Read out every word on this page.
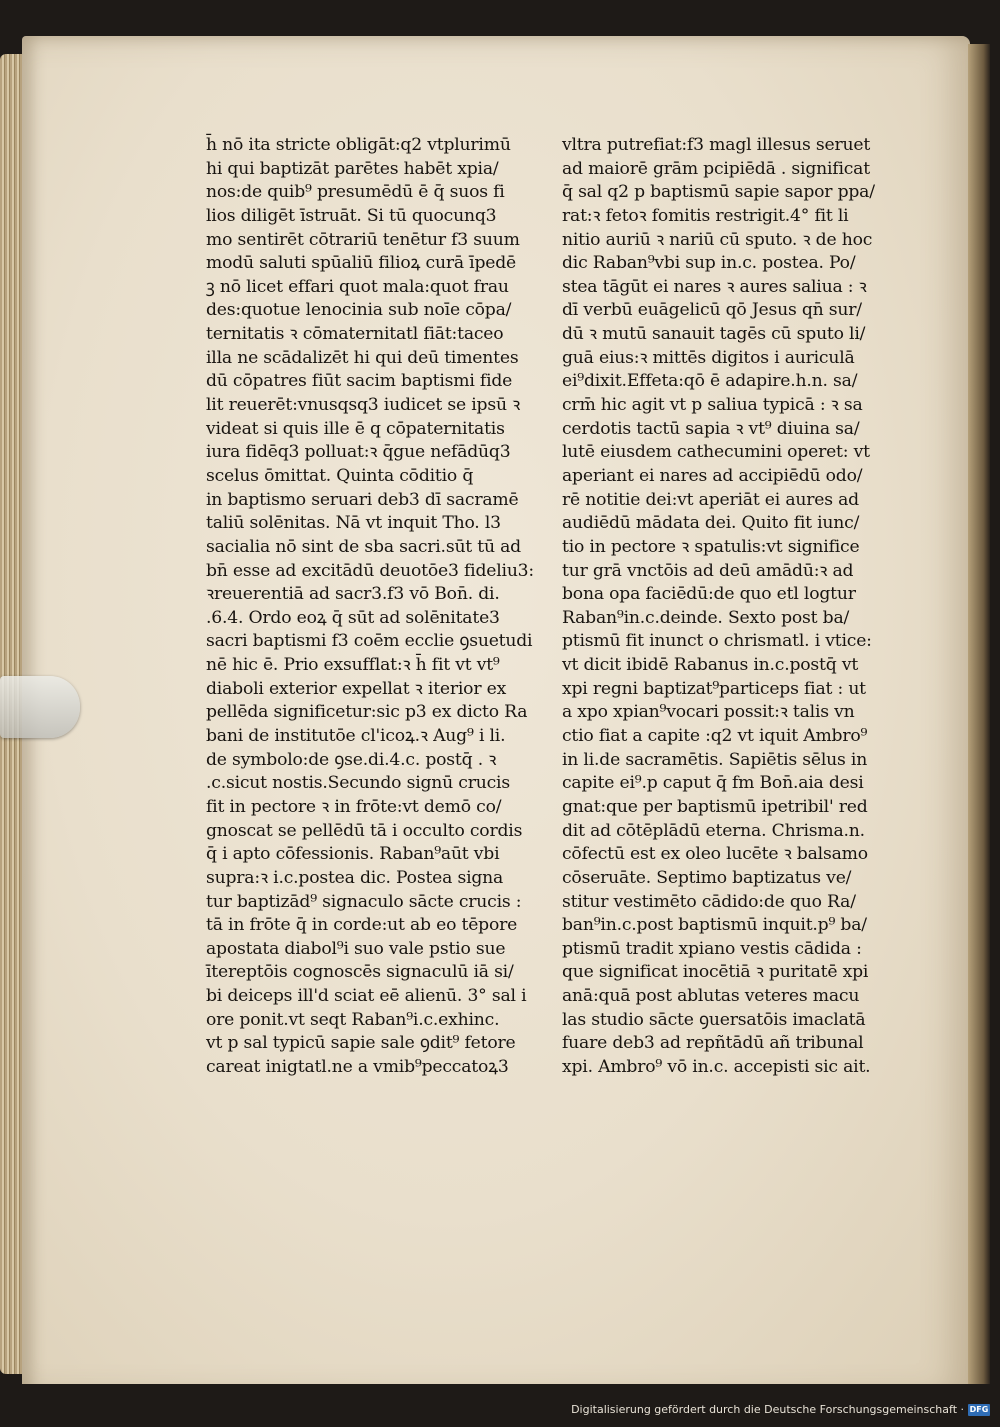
h̄ nō ita stricte obligāt:q2 vtplurimū
hi qui baptizāt parētes habēt xpia/
nos:de quib⁹ presumēdū ē q̄ suos fi
lios diligēt īstruāt. Si tū quocunq3
mo sentirēt cōtrariū tenētur f3 suum
modū saluti spūaliū filioꝝ curā īpedē
ꝫ nō licet effari quot mala:quot frau
des:quotue lenocinia sub noīe cōpa/
ternitatis ꝛ cōmaternitatl fiāt:taceo
illa ne scādalizēt hi qui deū timentes
dū cōpatres fiūt sacim baptismi fide
lit reuerēt:vnusqsq3 iudicet se ipsū ꝛ
videat si quis ille ē q cōpaternitatis
iura fidēq3 polluat:ꝛ q̄gue nefādūq3
scelus ōmittat. Quinta cōditio q̄
in baptismo seruari deb3 dī sacramē
taliū solēnitas. Nā vt inquit Tho. l3
sacialia nō sint de sba sacri.sūt tū ad
bn̄ esse ad excitādū deuotōe3 fideliu3:
ꝛreuerentiā ad sacr3.f3 vō Bon̄. di.
.6.4. Ordo eoꝝ q̄ sūt ad solēnitate3
sacri baptismi f3 coēm ecclie ꝯsuetudi
nē hic ē. Prio exsufflat:ꝛ h̄ fit vt vt⁹
diaboli exterior expellat ꝛ iterior ex
pellēda significetur:sic p3 ex dicto Ra
bani de institutōe cl'icoꝝ.ꝛ Aug⁹ i li.
de symbolo:de ꝯse.di.4.c. postq̄ . ꝛ
.c.sicut nostis.Secundo signū crucis
fit in pectore ꝛ in frōte:vt demō co/
gnoscat se pellēdū tā i occulto cordis
q̄ i apto cōfessionis. Raban⁹aūt vbi
supra:ꝛ i.c.postea dic. Postea signa
tur baptizād⁹ signaculo sācte crucis :
tā in frōte q̄ in corde:ut ab eo tēpore
apostata diabol⁹i suo vale pstio sue
ītereptōis cognoscēs signaculū iā si/
bi deiceps ill'd sciat eē alienū. 3° sal i
ore ponit.vt seqt Raban⁹i.c.exhinc.
vt p sal typicū sapie sale ꝯdit⁹ fetore
careat inigtatl.ne a vmib⁹peccatoꝝ3
vltra putrefiat:f3 magl illesus seruet
ad maiorē grām pcipiēdā . significat
q̄ sal q2 p baptismū sapie sapor ppa/
rat:ꝛ fetoꝛ fomitis restrigit.4° fit li
nitio auriū ꝛ nariū cū sputo. ꝛ de hoc
dic Raban⁹vbi sup in.c. postea. Po/
stea tāgūt ei nares ꝛ aures saliua : ꝛ
dī verbū euāgelicū qō Jesus qn̄ sur/
dū ꝛ mutū sanauit tagēs cū sputo li/
guā eius:ꝛ mittēs digitos i auriculā
ei⁹dixit.Effeta:qō ē adapire.h.n. sa/
crm̄ hic agit vt p saliua typicā : ꝛ sa
cerdotis tactū sapia ꝛ vt⁹ diuina sa/
lutē eiusdem cathecumini operet: vt
aperiant ei nares ad accipiēdū odo/
rē notitie dei:vt aperiāt ei aures ad
audiēdū mādata dei. Quito fit iunc/
tio in pectore ꝛ spatulis:vt significe
tur grā vnctōis ad deū amādū:ꝛ ad
bona opa faciēdū:de quo etl logtur
Raban⁹in.c.deinde. Sexto post ba/
ptismū fit inunct o chrismatl. i vtice:
vt dicit ibidē Rabanus in.c.postq̄ vt
xpi regni baptizat⁹particeps fiat : ut
a xpo xpian⁹vocari possit:ꝛ talis vn
ctio fiat a capite :q2 vt iquit Ambro⁹
in li.de sacramētis. Sapiētis sēlus in
capite ei⁹.p caput q̄ fm Bon̄.aia desi
gnat:que per baptismū ipetribil' red
dit ad cōtēplādū eterna. Chrisma.n.
cōfectū est ex oleo lucēte ꝛ balsamo
cōseruāte. Septimo baptizatus ve/
stitur vestimēto cādido:de quo Ra/
ban⁹in.c.post baptismū inquit.p⁹ ba/
ptismū tradit xpiano vestis cādida :
que significat inocētiā ꝛ puritatē xpi
anā:quā post ablutas veteres macu
las studio sācte ꝯuersatōis imaclatā
fuare deb3 ad repñtādū añ tribunal
xpi. Ambro⁹ vō in.c. accepisti sic ait.
Digitalisierung gefördert durch die Deutsche Forschungsgemeinschaft · DFG
